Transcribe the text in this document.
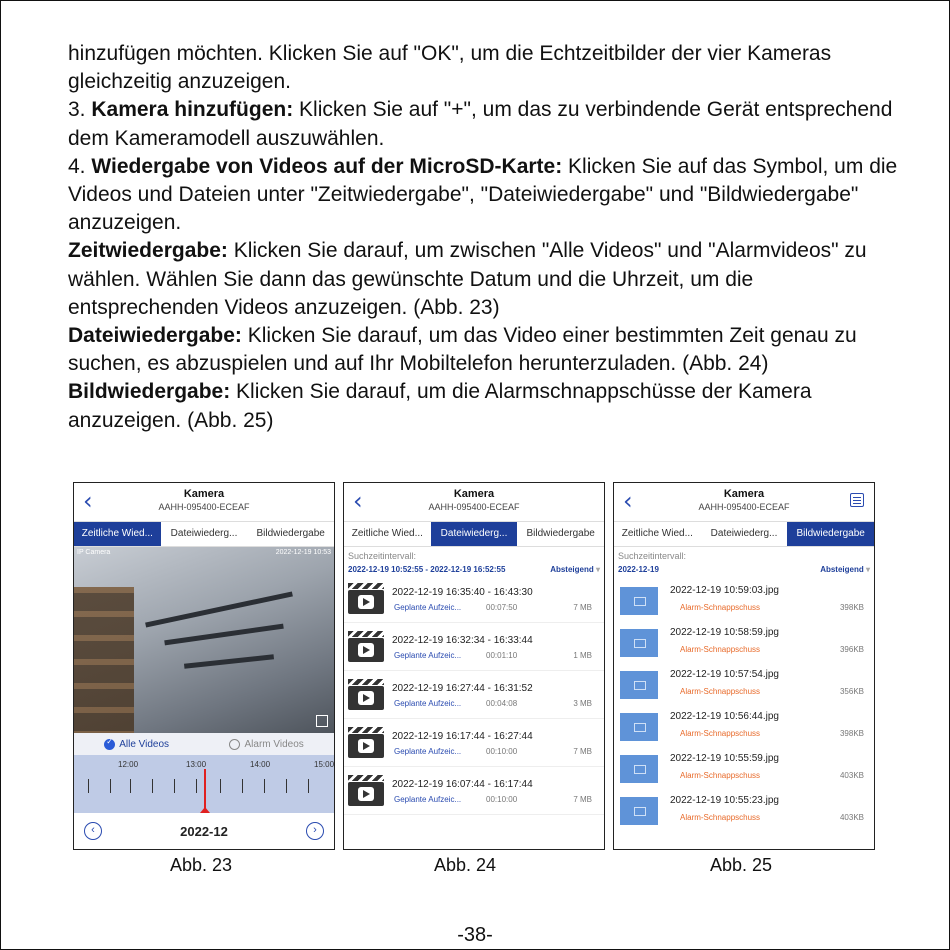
hinzufügen möchten. Klicken Sie auf "OK", um die Echtzeitbilder der vier Kameras gleichzeitig anzuzeigen.

3. Kamera hinzufügen: Klicken Sie auf "+", um das zu verbindende Gerät entsprechend dem Kameramodell auszuwählen.

4. Wiedergabe von Videos auf der MicroSD-Karte: Klicken Sie auf das Symbol, um die Videos und Dateien unter "Zeitwiedergabe", "Dateiwiedergabe" und "Bildwiedergabe" anzuzeigen.

Zeitwiedergabe: Klicken Sie darauf, um zwischen "Alle Videos" und "Alarmvideos" zu wählen. Wählen Sie dann das gewünschte Datum und die Uhrzeit, um die entsprechenden Videos anzuzeigen. (Abb. 23)

Dateiwiedergabe: Klicken Sie darauf, um das Video einer bestimmten Zeit genau zu suchen, es abzuspielen und auf Ihr Mobiltelefon herunterzuladen. (Abb. 24)

Bildwiedergabe: Klicken Sie darauf, um die Alarmschnappschüsse der Kamera anzuzeigen. (Abb. 25)

‹	Kamera
AAHH-095400-ECEAF
Zeitliche Wied...	Dateiwiederg...	Bildwiedergabe
IP Camera	2022-12-19 10:53
✓
Alle Videos	Alarm Videos
12:00	13:00	14:00	15:00
‹	2022-12	›
‹	Kamera
AAHH-095400-ECEAF
Zeitliche Wied...	Dateiwiederg...	Bildwiedergabe
Suchzeitintervall:
2022-12-19 10:52:55 - 2022-12-19 16:52:55	Absteigend ▾
2022-12-19 16:35:40 - 16:43:30
Geplante Aufzeic...	00:07:50	7 MB
2022-12-19 16:32:34 - 16:33:44
Geplante Aufzeic...	00:01:10	1 MB
2022-12-19 16:27:44 - 16:31:52
Geplante Aufzeic...	00:04:08	3 MB
2022-12-19 16:17:44 - 16:27:44
Geplante Aufzeic...	00:10:00	7 MB
2022-12-19 16:07:44 - 16:17:44
Geplante Aufzeic...	00:10:00	7 MB
‹	Kamera
AAHH-095400-ECEAF
Zeitliche Wied...	Dateiwiederg...	Bildwiedergabe
Suchzeitintervall:
2022-12-19	Absteigend ▾
2022-12-19 10:59:03.jpg
Alarm-Schnappschuss	398KB
2022-12-19 10:58:59.jpg
Alarm-Schnappschuss	396KB
2022-12-19 10:57:54.jpg
Alarm-Schnappschuss	356KB
2022-12-19 10:56:44.jpg
Alarm-Schnappschuss	398KB
2022-12-19 10:55:59.jpg
Alarm-Schnappschuss	403KB
2022-12-19 10:55:23.jpg
Alarm-Schnappschuss	403KB
Abb. 23	Abb. 24	Abb. 25
-38-
